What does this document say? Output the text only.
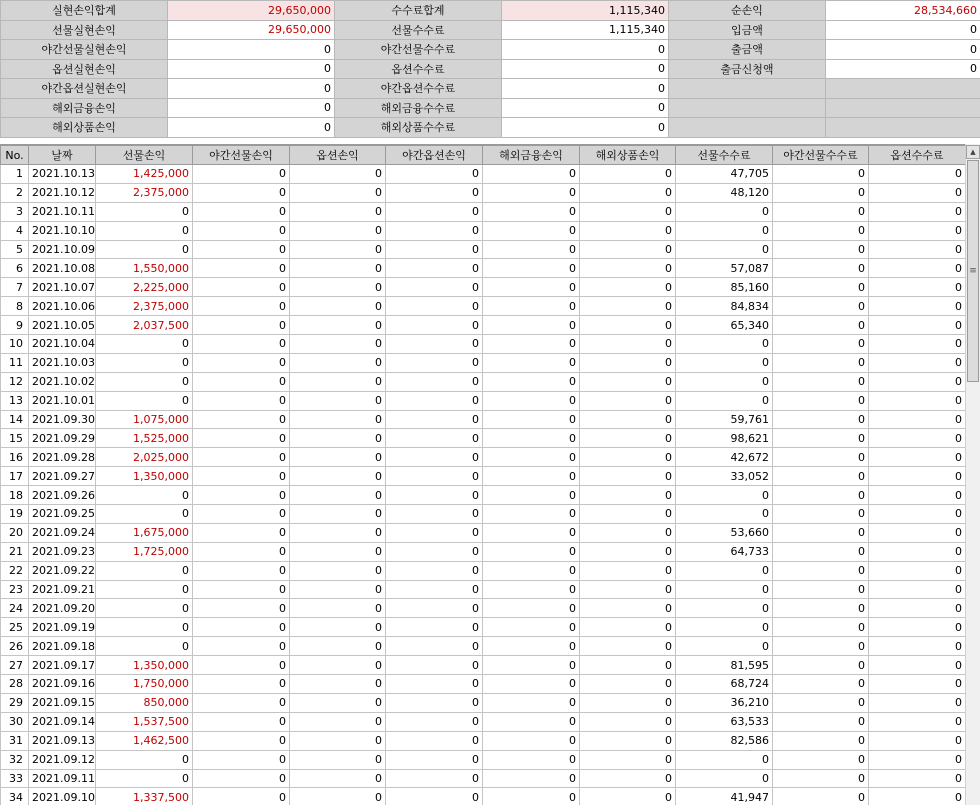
실현손익합계	29,650,000	수수료합계	1,115,340	순손익	28,534,660
선물실현손익	29,650,000	선물수수료	1,115,340	입금액	0
야간선물실현손익	0	야간선물수수료	0	출금액	0
옵션실현손익	0	옵션수수료	0	출금신청액	0
야간옵션실현손익	0	야간옵션수수료	0		
해외금융손익	0	해외금융수수료	0		
해외상품손익	0	해외상품수수료	0		
No.	날짜	선물손익	야간선물손익	옵션손익	야간옵션손익	해외금융손익	해외상품손익	선물수수료	야간선물수수료	옵션수수료
1	2021.10.13	1,425,000	0	0	0	0	0	47,705	0	0
2	2021.10.12	2,375,000	0	0	0	0	0	48,120	0	0
3	2021.10.11	0	0	0	0	0	0	0	0	0
4	2021.10.10	0	0	0	0	0	0	0	0	0
5	2021.10.09	0	0	0	0	0	0	0	0	0
6	2021.10.08	1,550,000	0	0	0	0	0	57,087	0	0
7	2021.10.07	2,225,000	0	0	0	0	0	85,160	0	0
8	2021.10.06	2,375,000	0	0	0	0	0	84,834	0	0
9	2021.10.05	2,037,500	0	0	0	0	0	65,340	0	0
10	2021.10.04	0	0	0	0	0	0	0	0	0
11	2021.10.03	0	0	0	0	0	0	0	0	0
12	2021.10.02	0	0	0	0	0	0	0	0	0
13	2021.10.01	0	0	0	0	0	0	0	0	0
14	2021.09.30	1,075,000	0	0	0	0	0	59,761	0	0
15	2021.09.29	1,525,000	0	0	0	0	0	98,621	0	0
16	2021.09.28	2,025,000	0	0	0	0	0	42,672	0	0
17	2021.09.27	1,350,000	0	0	0	0	0	33,052	0	0
18	2021.09.26	0	0	0	0	0	0	0	0	0
19	2021.09.25	0	0	0	0	0	0	0	0	0
20	2021.09.24	1,675,000	0	0	0	0	0	53,660	0	0
21	2021.09.23	1,725,000	0	0	0	0	0	64,733	0	0
22	2021.09.22	0	0	0	0	0	0	0	0	0
23	2021.09.21	0	0	0	0	0	0	0	0	0
24	2021.09.20	0	0	0	0	0	0	0	0	0
25	2021.09.19	0	0	0	0	0	0	0	0	0
26	2021.09.18	0	0	0	0	0	0	0	0	0
27	2021.09.17	1,350,000	0	0	0	0	0	81,595	0	0
28	2021.09.16	1,750,000	0	0	0	0	0	68,724	0	0
29	2021.09.15	850,000	0	0	0	0	0	36,210	0	0
30	2021.09.14	1,537,500	0	0	0	0	0	63,533	0	0
31	2021.09.13	1,462,500	0	0	0	0	0	82,586	0	0
32	2021.09.12	0	0	0	0	0	0	0	0	0
33	2021.09.11	0	0	0	0	0	0	0	0	0
34	2021.09.10	1,337,500	0	0	0	0	0	41,947	0	0
▲
≡
